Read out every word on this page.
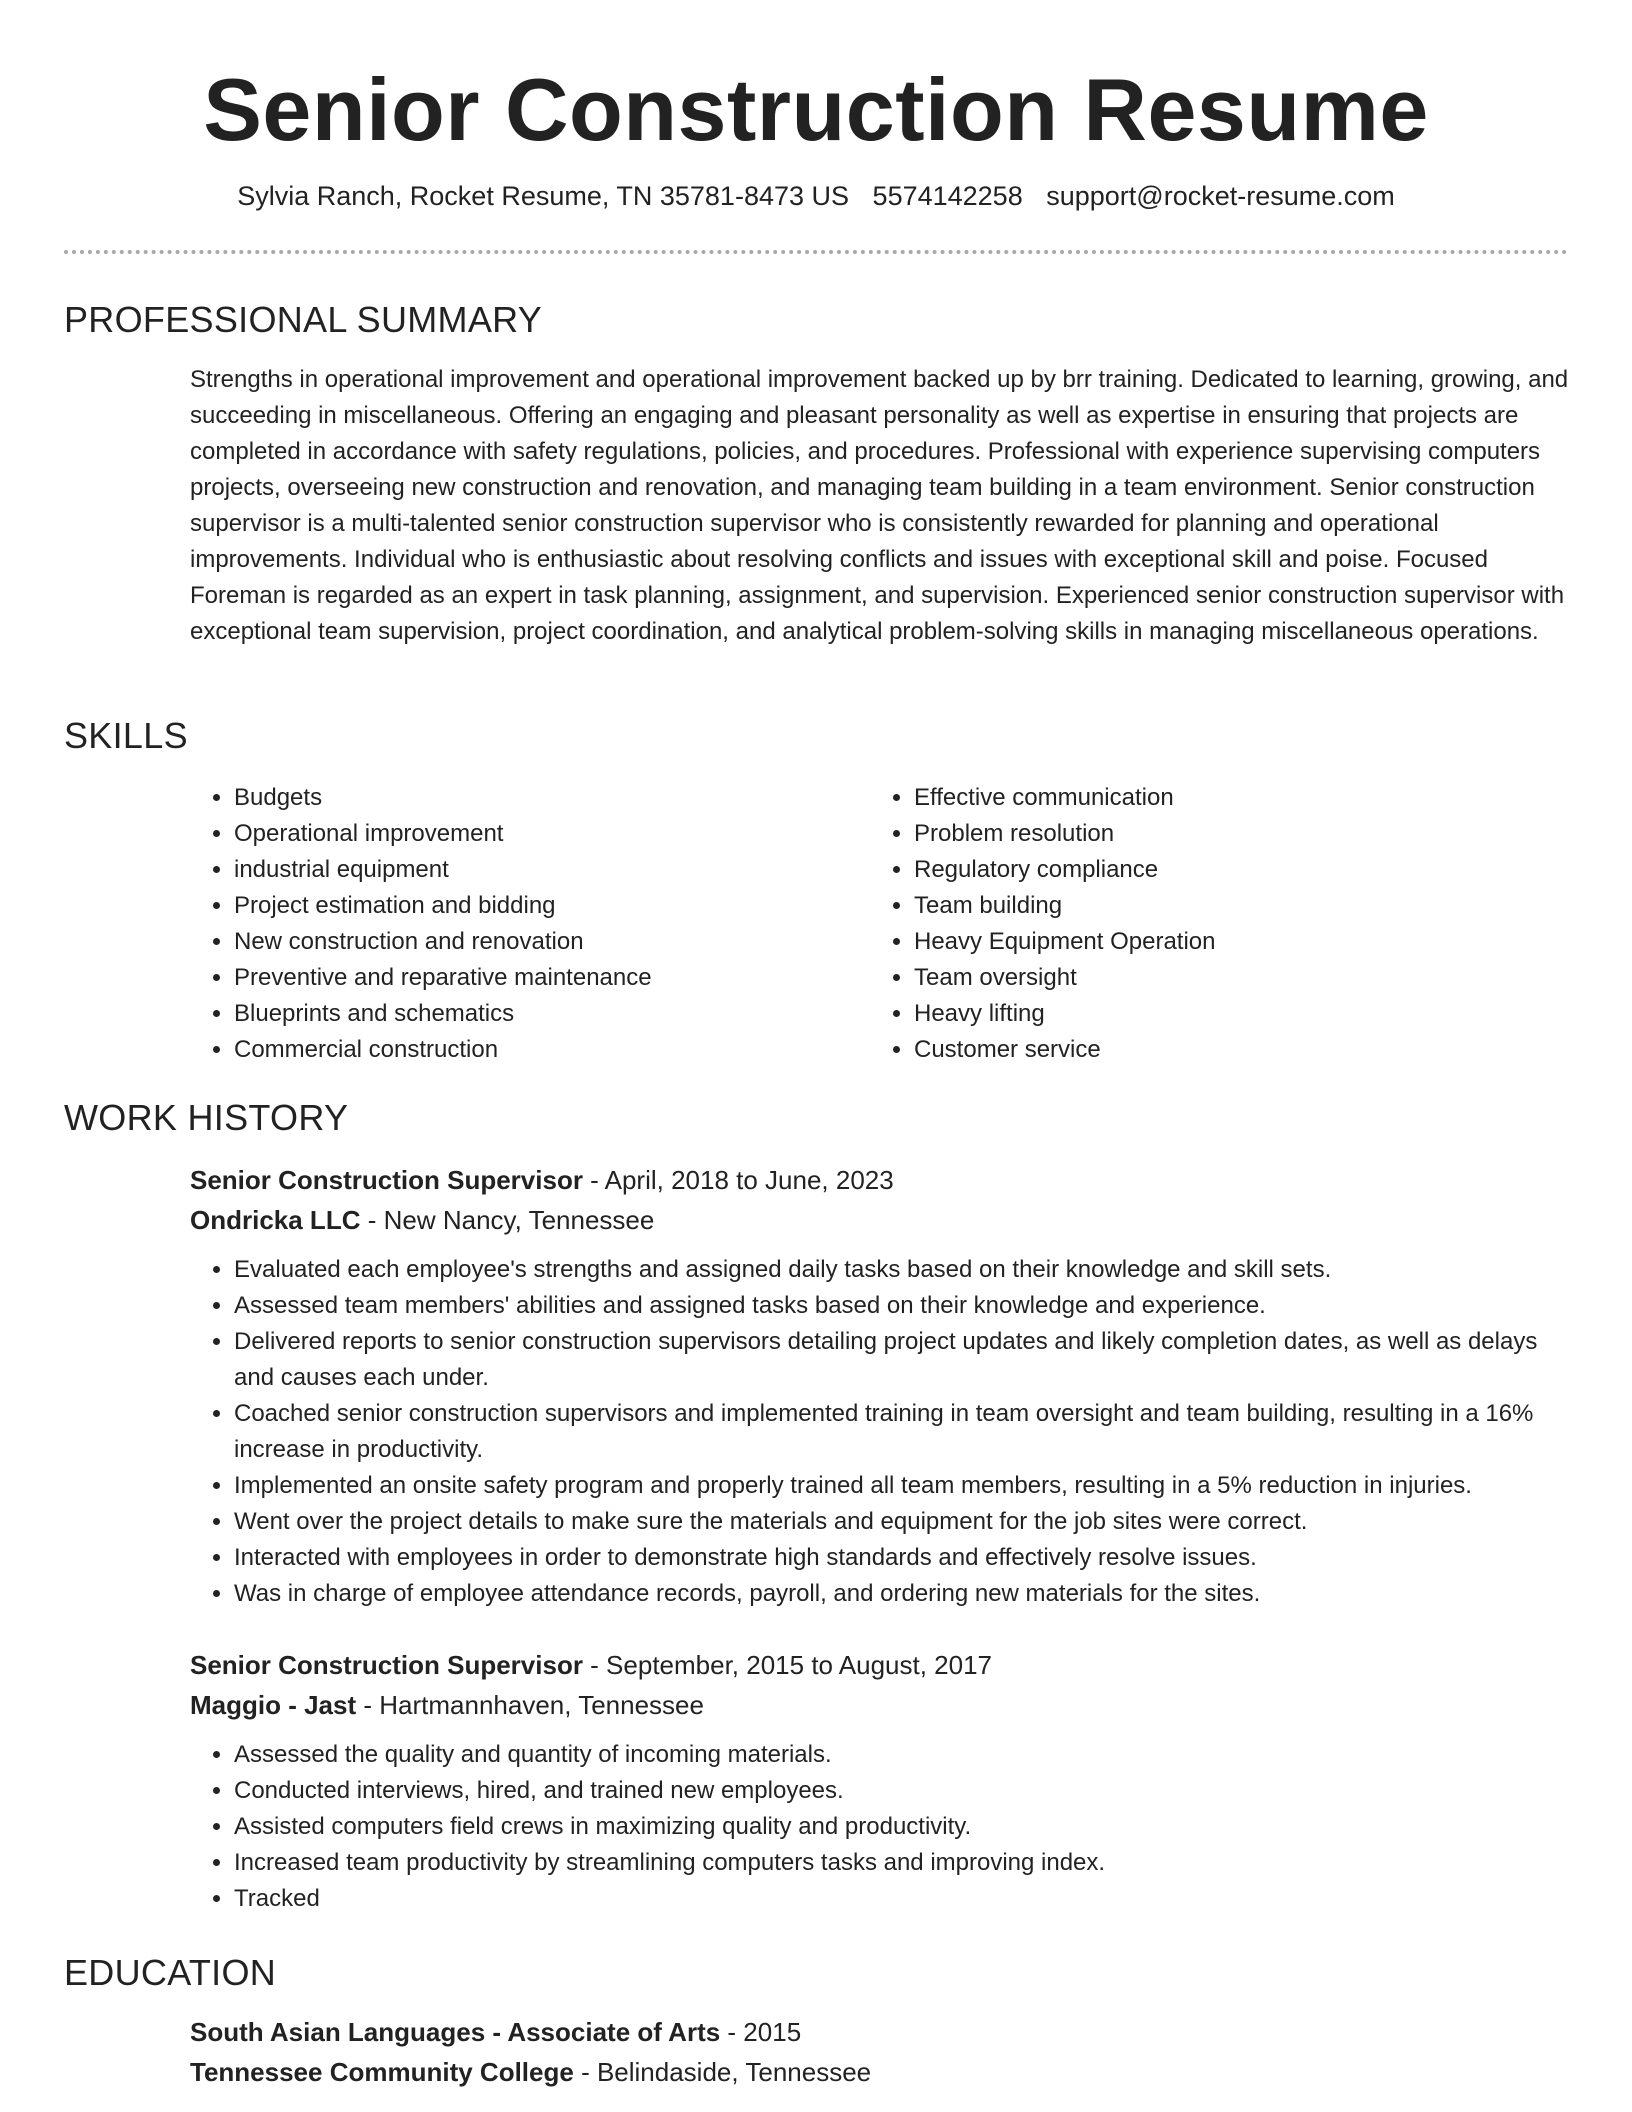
Senior Construction Resume
Sylvia Ranch, Rocket Resume, TN 35781-8473 US 5574142258 support@rocket-resume.com
PROFESSIONAL SUMMARY

Strengths in operational improvement and operational improvement backed up by brr training. Dedicated to learning, growing, and succeeding in miscellaneous. Offering an engaging and pleasant personality as well as expertise in ensuring that projects are completed in accordance with safety regulations, policies, and procedures. Professional with experience supervising computers projects, overseeing new construction and renovation, and managing team building in a team environment. Senior construction supervisor is a multi-talented senior construction supervisor who is consistently rewarded for planning and operational improvements. Individual who is enthusiastic about resolving conflicts and issues with exceptional skill and poise. Focused Foreman is regarded as an expert in task planning, assignment, and supervision. Experienced senior construction supervisor with exceptional team supervision, project coordination, and analytical problem-solving skills in managing miscellaneous operations.

SKILLS
• Budgets
• Operational improvement
• industrial equipment
• Project estimation and bidding
• New construction and renovation
• Preventive and reparative maintenance
• Blueprints and schematics
• Commercial construction
• Effective communication
• Problem resolution
• Regulatory compliance
• Team building
• Heavy Equipment Operation
• Team oversight
• Heavy lifting
• Customer service
WORK HISTORY
Senior Construction Supervisor - April, 2018 to June, 2023
Ondricka LLC - New Nancy, Tennessee
• Evaluated each employee's strengths and assigned daily tasks based on their knowledge and skill sets.
• Assessed team members' abilities and assigned tasks based on their knowledge and experience.
• Delivered reports to senior construction supervisors detailing project updates and likely completion dates, as well as delays and causes each under.
• Coached senior construction supervisors and implemented training in team oversight and team building, resulting in a 16% increase in productivity.
• Implemented an onsite safety program and properly trained all team members, resulting in a 5% reduction in injuries.
• Went over the project details to make sure the materials and equipment for the job sites were correct.
• Interacted with employees in order to demonstrate high standards and effectively resolve issues.
• Was in charge of employee attendance records, payroll, and ordering new materials for the sites.
Senior Construction Supervisor - September, 2015 to August, 2017
Maggio - Jast - Hartmannhaven, Tennessee
• Assessed the quality and quantity of incoming materials.
• Conducted interviews, hired, and trained new employees.
• Assisted computers field crews in maximizing quality and productivity.
• Increased team productivity by streamlining computers tasks and improving index.
• Tracked
EDUCATION
South Asian Languages - Associate of Arts - 2015
Tennessee Community College - Belindaside, Tennessee
